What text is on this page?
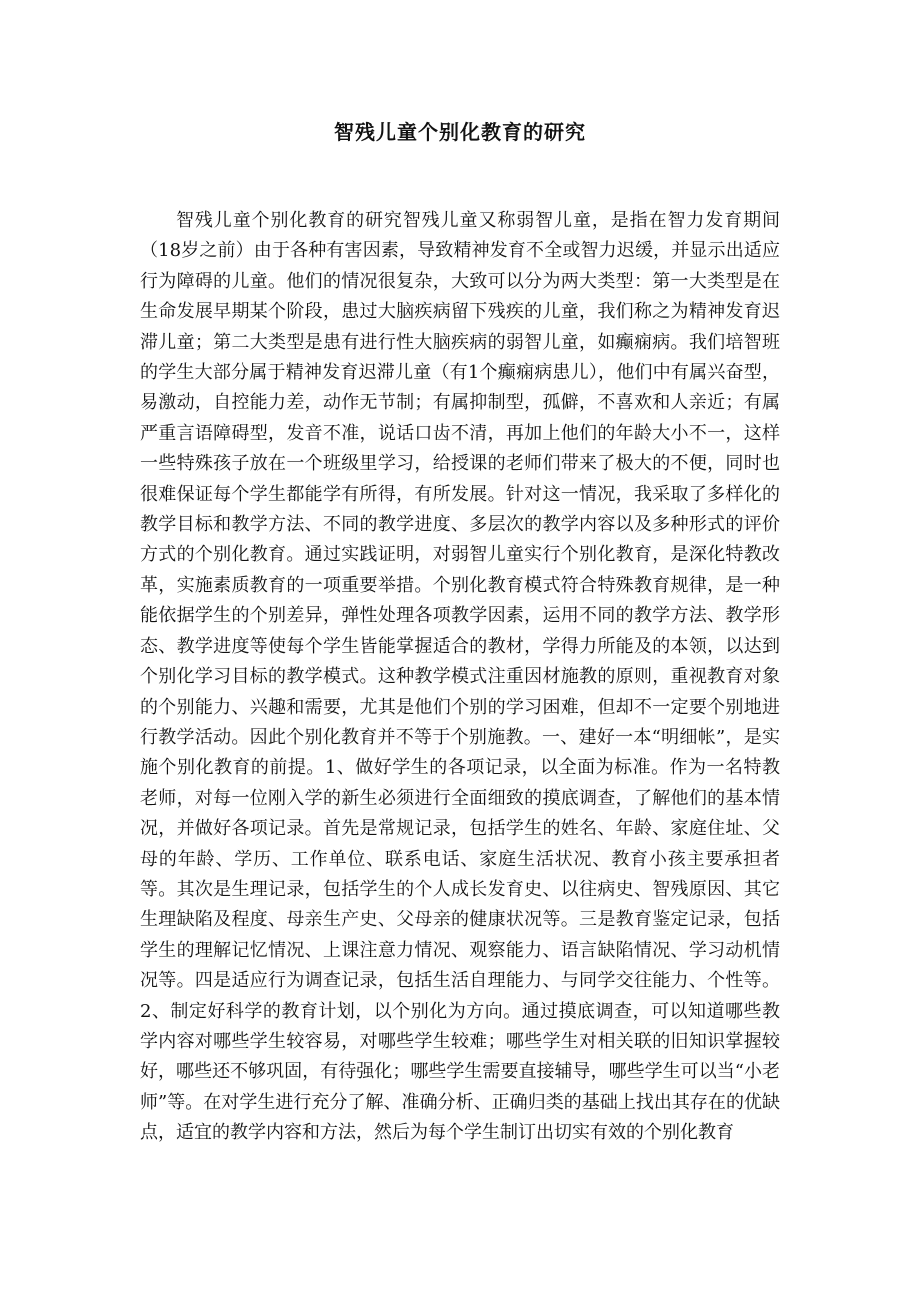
智残儿童个别化教育的研究

智残儿童个别化教育的研究智残儿童又称弱智儿童，是指在智力发育期间（18岁之前）由于各种有害因素，导致精神发育不全或智力迟缓，并显示出适应行为障碍的儿童。他们的情况很复杂，大致可以分为两大类型：第一大类型是在生命发展早期某个阶段，患过大脑疾病留下残疾的儿童，我们称之为精神发育迟滞儿童；第二大类型是患有进行性大脑疾病的弱智儿童，如癫痫病。我们培智班的学生大部分属于精神发育迟滞儿童（有1个癫痫病患儿），他们中有属兴奋型，易激动，自控能力差，动作无节制；有属抑制型，孤僻，不喜欢和人亲近；有属严重言语障碍型，发音不准，说话口齿不清，再加上他们的年龄大小不一，这样一些特殊孩子放在一个班级里学习，给授课的老师们带来了极大的不便，同时也很难保证每个学生都能学有所得，有所发展。针对这一情况，我采取了多样化的教学目标和教学方法、不同的教学进度、多层次的教学内容以及多种形式的评价方式的个别化教育。通过实践证明，对弱智儿童实行个别化教育，是深化特教改革，实施素质教育的一项重要举措。个别化教育模式符合特殊教育规律，是一种能依据学生的个别差异，弹性处理各项教学因素，运用不同的教学方法、教学形态、教学进度等使每个学生皆能掌握适合的教材，学得力所能及的本领，以达到个别化学习目标的教学模式。这种教学模式注重因材施教的原则，重视教育对象的个别能力、兴趣和需要，尤其是他们个别的学习困难，但却不一定要个别地进行教学活动。因此个别化教育并不等于个别施教。一、建好一本“明细帐”，是实施个别化教育的前提。1、做好学生的各项记录，以全面为标准。作为一名特教老师，对每一位刚入学的新生必须进行全面细致的摸底调查，了解他们的基本情况，并做好各项记录。首先是常规记录，包括学生的姓名、年龄、家庭住址、父母的年龄、学历、工作单位、联系电话、家庭生活状况、教育小孩主要承担者等。其次是生理记录，包括学生的个人成长发育史、以往病史、智残原因、其它生理缺陷及程度、母亲生产史、父母亲的健康状况等。三是教育鉴定记录，包括学生的理解记忆情况、上课注意力情况、观察能力、语言缺陷情况、学习动机情况等。四是适应行为调查记录，包括生活自理能力、与同学交往能力、个性等。2、制定好科学的教育计划，以个别化为方向。通过摸底调查，可以知道哪些教学内容对哪些学生较容易，对哪些学生较难；哪些学生对相关联的旧知识掌握较好，哪些还不够巩固，有待强化；哪些学生需要直接辅导，哪些学生可以当“小老师”等。在对学生进行充分了解、准确分析、正确归类的基础上找出其存在的优缺点，适宜的教学内容和方法，然后为每个学生制订出切实有效的个别化教育
